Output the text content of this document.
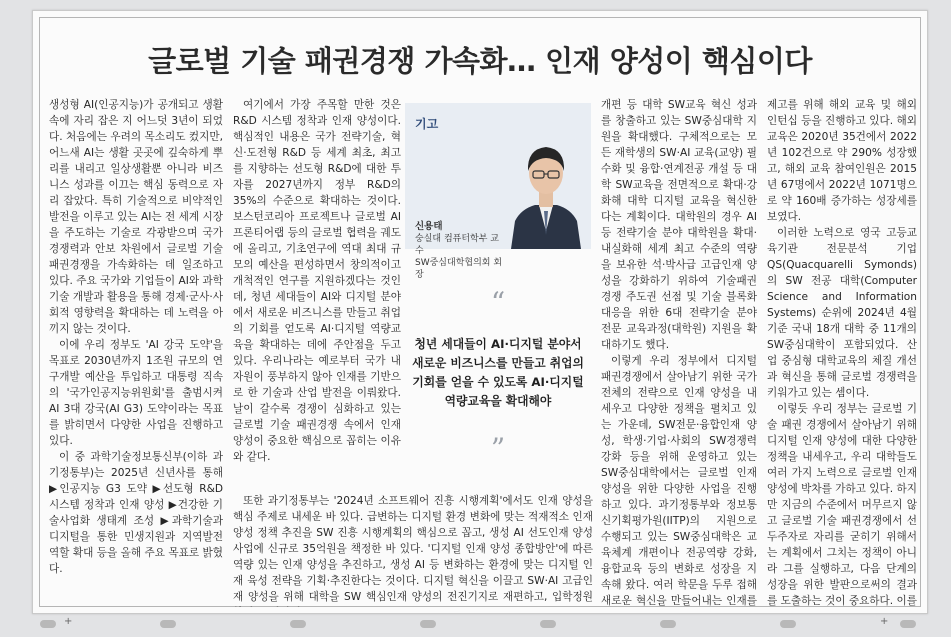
글로벌 기술 패권경쟁 가속화… 인재 양성이 핵심이다

생성형 AI(인공지능)가 공개되고 생활 속에 자리 잡은 지 어느덧 3년이 되었다. 처음에는 우려의 목소리도 컸지만, 어느새 AI는 생활 곳곳에 깊숙하게 뿌리를 내리고 일상생활뿐 아니라 비즈니스 성과를 이끄는 핵심 동력으로 자리 잡았다. 특히 기술적으로 비약적인 발전을 이루고 있는 AI는 전 세계 시장을 주도하는 기술로 각광받으며 국가 경쟁력과 안보 차원에서 글로벌 기술 패권경쟁을 가속화하는 데 일조하고 있다. 주요 국가와 기업들이 AI와 과학기술 개발과 활용을 통해 경제·군사·사회적 영향력을 확대하는 데 노력을 아끼지 않는 것이다.

이에 우리 정부도 'AI 강국 도약'을 목표로 2030년까지 1조원 규모의 연구개발 예산을 투입하고 대통령 직속의 '국가인공지능위원회'를 출범시켜 AI 3대 강국(AI G3) 도약이라는 목표를 밝히면서 다양한 사업을 진행하고 있다.

이 중 과학기술정보통신부(이하 과기정통부)는 2025년 신년사를 통해 ▶인공지능 G3 도약 ▶선도형 R&D 시스템 정착과 인재 양성 ▶건강한 기술사업화 생태계 조성 ▶과학기술과 디지털을 통한 민생지원과 지역발전 역할 확대 등을 올해 주요 목표로 밝혔다.

여기에서 가장 주목할 만한 것은 R&D 시스템 정착과 인재 양성이다. 핵심적인 내용은 국가 전략기술, 혁신·도전형 R&D 등 세계 최초, 최고를 지향하는 선도형 R&D에 대한 투자를 2027년까지 정부 R&D의 35%의 수준으로 확대하는 것이다. 보스턴코리아 프로젝트나 글로벌 AI프론티어랩 등의 글로벌 협력을 궤도에 올리고, 기초연구에 역대 최대 규모의 예산을 편성하면서 창의적이고 개척적인 연구를 지원하겠다는 것인데, 청년 세대들이 AI와 디지털 분야에서 새로운 비즈니스를 만들고 취업의 기회를 얻도록 AI·디지털 역량교육을 확대하는 데에 주안점을 두고 있다. 우리나라는 예로부터 국가 내 자원이 풍부하지 않아 인재를 기반으로 한 기술과 산업 발전을 이뤄왔다. 날이 갈수록 경쟁이 심화하고 있는 글로벌 기술 패권경쟁 속에서 인재 양성이 중요한 핵심으로 꼽히는 이유와 같다.

기고
신용태
숭실대 컴퓨터학부 교수
SW중심대학협의회 회장
“
청년 세대들이 AI·디지털 분야서 새로운 비즈니스를 만들고 취업의 기회를 얻을 수 있도록 AI·디지털 역량교육을 확대해야
”

또한 과기정통부는 '2024년 소프트웨어 진흥 시행계획'에서도 인재 양성을 핵심 주제로 내세운 바 있다. 급변하는 디지털 환경 변화에 맞는 적재적소 인재 양성 정책 추진을 SW 진흥 시행계획의 핵심으로 꼽고, 생성 AI 선도인재 양성 사업에 신규로 35억원을 책정한 바 있다. '디지털 인재 양성 종합방안'에 따른 역량 있는 인재 양성을 추진하고, 생성 AI 등 변화하는 환경에 맞는 디지털 인재 육성 전략을 기획·추진한다는 것이다. 디지털 혁신을 이끌고 SW·AI 고급인재 양성을 위해 대학을 SW 핵심인재 양성의 전진기지로 재편하고, 입학정원

개편 등 대학 SW교육 혁신 성과를 창출하고 있는 SW중심대학 지원을 확대했다. 구체적으로는 모든 재학생의 SW·AI 교육(교양) 필수화 및 융합·연계전공 개설 등 대학 SW교육을 전면적으로 확대·강화해 대학 디지털 교육을 혁신한다는 계획이다. 대학원의 경우 AI 등 전략기술 분야 대학원을 확대·내실화해 세계 최고 수준의 역량을 보유한 석·박사급 고급인재 양성을 강화하기 위하여 기술패권 경쟁 주도권 선점 및 기술 블록화 대응을 위한 6대 전략기술 분야 전문 교육과정(대학원) 지원을 확대하기도 했다.

이렇게 우리 정부에서 디지털 패권경쟁에서 살아남기 위한 국가 전체의 전략으로 인재 양성을 내세우고 다양한 정책을 펼치고 있는 가운데, SW전문·융합인재 양성, 학생·기업·사회의 SW경쟁력 강화 등을 위해 운영하고 있는 SW중심대학에서는 글로벌 인재 양성을 위한 다양한 사업을 진행하고 있다. 과기정통부와 정보통신기획평가원(IITP)의 지원으로 수행되고 있는 SW중심대학은 교육체계 개편이나 전공역량 강화, 융합교육 등의 변화로 성장을 지속해 왔다. 여러 학문을 두루 접해 새로운 혁신을 만들어내는 인재를

제고를 위해 해외 교육 및 해외 인턴십 등을 진행하고 있다. 해외 교육은 2020년 35건에서 2022년 102건으로 약 290% 성장했고, 해외 교육 참여인원은 2015년 67명에서 2022년 1071명으로 약 160배 증가하는 성장세를 보였다.

이러한 노력으로 영국 고등교육기관 전문분석 기업 QS(Quacquarelli Symonds)의 SW 전공 대학(Computer Science and Information Systems) 순위에 2024년 4월 기준 국내 18개 대학 중 11개의 SW중심대학이 포함되었다. 산업 중심형 대학교육의 체질 개선과 혁신을 통해 글로벌 경쟁력을 키워가고 있는 셈이다.

이렇듯 우리 정부는 글로벌 기술 패권 경쟁에서 살아남기 위해 디지털 인재 양성에 대한 다양한 정책을 내세우고, 우리 대학들도 여러 가지 노력으로 글로벌 인재 양성에 박차를 가하고 있다. 하지만 지금의 수준에서 머무르지 않고 글로벌 기술 패권경쟁에서 선두주자로 자리를 굳히기 위해서는 계획에서 그치는 정책이 아니라 그를 실행하고, 다음 단계의 성장을 위한 발판으로써의 결과를 도출하는 것이 중요하다. 이를

+	+
